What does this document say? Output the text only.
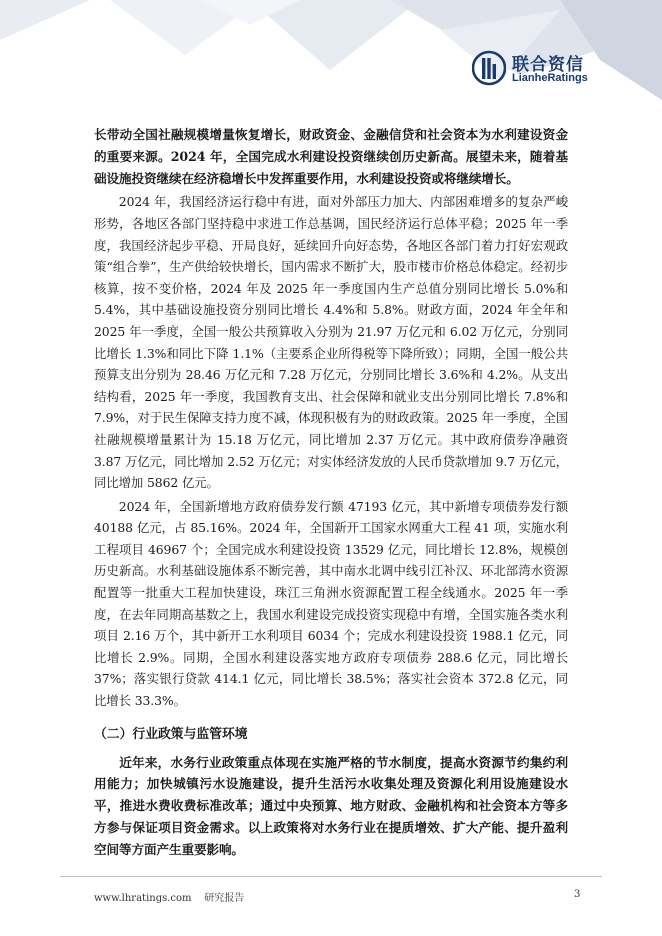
联合资信
LianheRatings

长带动全国社融规模增量恢复增长，财政资金、金融信贷和社会资本为水利建设资金的重要来源。2024 年，全国完成水利建设投资继续创历史新高。展望未来，随着基础设施投资继续在经济稳增长中发挥重要作用，水利建设投资或将继续增长。

2024 年，我国经济运行稳中有进，面对外部压力加大、内部困难增多的复杂严峻形势，各地区各部门坚持稳中求进工作总基调，国民经济运行总体平稳；2025 年一季度，我国经济起步平稳、开局良好，延续回升向好态势，各地区各部门着力打好宏观政策“组合拳”，生产供给较快增长，国内需求不断扩大，股市楼市价格总体稳定。经初步核算，按不变价格，2024 年及 2025 年一季度国内生产总值分别同比增长 5.0%和 5.4%，其中基础设施投资分别同比增长 4.4%和 5.8%。财政方面，2024 年全年和 2025 年一季度，全国一般公共预算收入分别为 21.97 万亿元和 6.02 万亿元，分别同比增长 1.3%和同比下降 1.1%（主要系企业所得税等下降所致）；同期，全国一般公共预算支出分别为 28.46 万亿元和 7.28 万亿元，分别同比增长 3.6%和 4.2%。从支出结构看，2025 年一季度，我国教育支出、社会保障和就业支出分别同比增长 7.8%和 7.9%，对于民生保障支持力度不减，体现积极有为的财政政策。2025 年一季度，全国社融规模增量累计为 15.18 万亿元，同比增加 2.37 万亿元。其中政府债券净融资 3.87 万亿元，同比增加 2.52 万亿元；对实体经济发放的人民币贷款增加 9.7 万亿元，同比增加 5862 亿元。

2024 年，全国新增地方政府债券发行额 47193 亿元，其中新增专项债券发行额 40188 亿元，占 85.16%。2024 年，全国新开工国家水网重大工程 41 项，实施水利工程项目 46967 个；全国完成水利建设投资 13529 亿元，同比增长 12.8%，规模创历史新高。水利基础设施体系不断完善，其中南水北调中线引江补汉、环北部湾水资源配置等一批重大工程加快建设，珠江三角洲水资源配置工程全线通水。2025 年一季度，在去年同期高基数之上，我国水利建设完成投资实现稳中有增，全国实施各类水利项目 2.16 万个，其中新开工水利项目 6034 个；完成水利建设投资 1988.1 亿元，同比增长 2.9%。同期，全国水利建设落实地方政府专项债券 288.6 亿元，同比增长 37%；落实银行贷款 414.1 亿元，同比增长 38.5%；落实社会资本 372.8 亿元，同比增长 33.3%。

（二）行业政策与监管环境

近年来，水务行业政策重点体现在实施严格的节水制度，提高水资源节约集约利用能力；加快城镇污水设施建设，提升生活污水收集处理及资源化利用设施建设水平，推进水费收费标准改革；通过中央预算、地方财政、金融机构和社会资本方等多方参与保证项目资金需求。以上政策将对水务行业在提质增效、扩大产能、提升盈利空间等方面产生重要影响。

www.lhratings.com 研究报告	3
